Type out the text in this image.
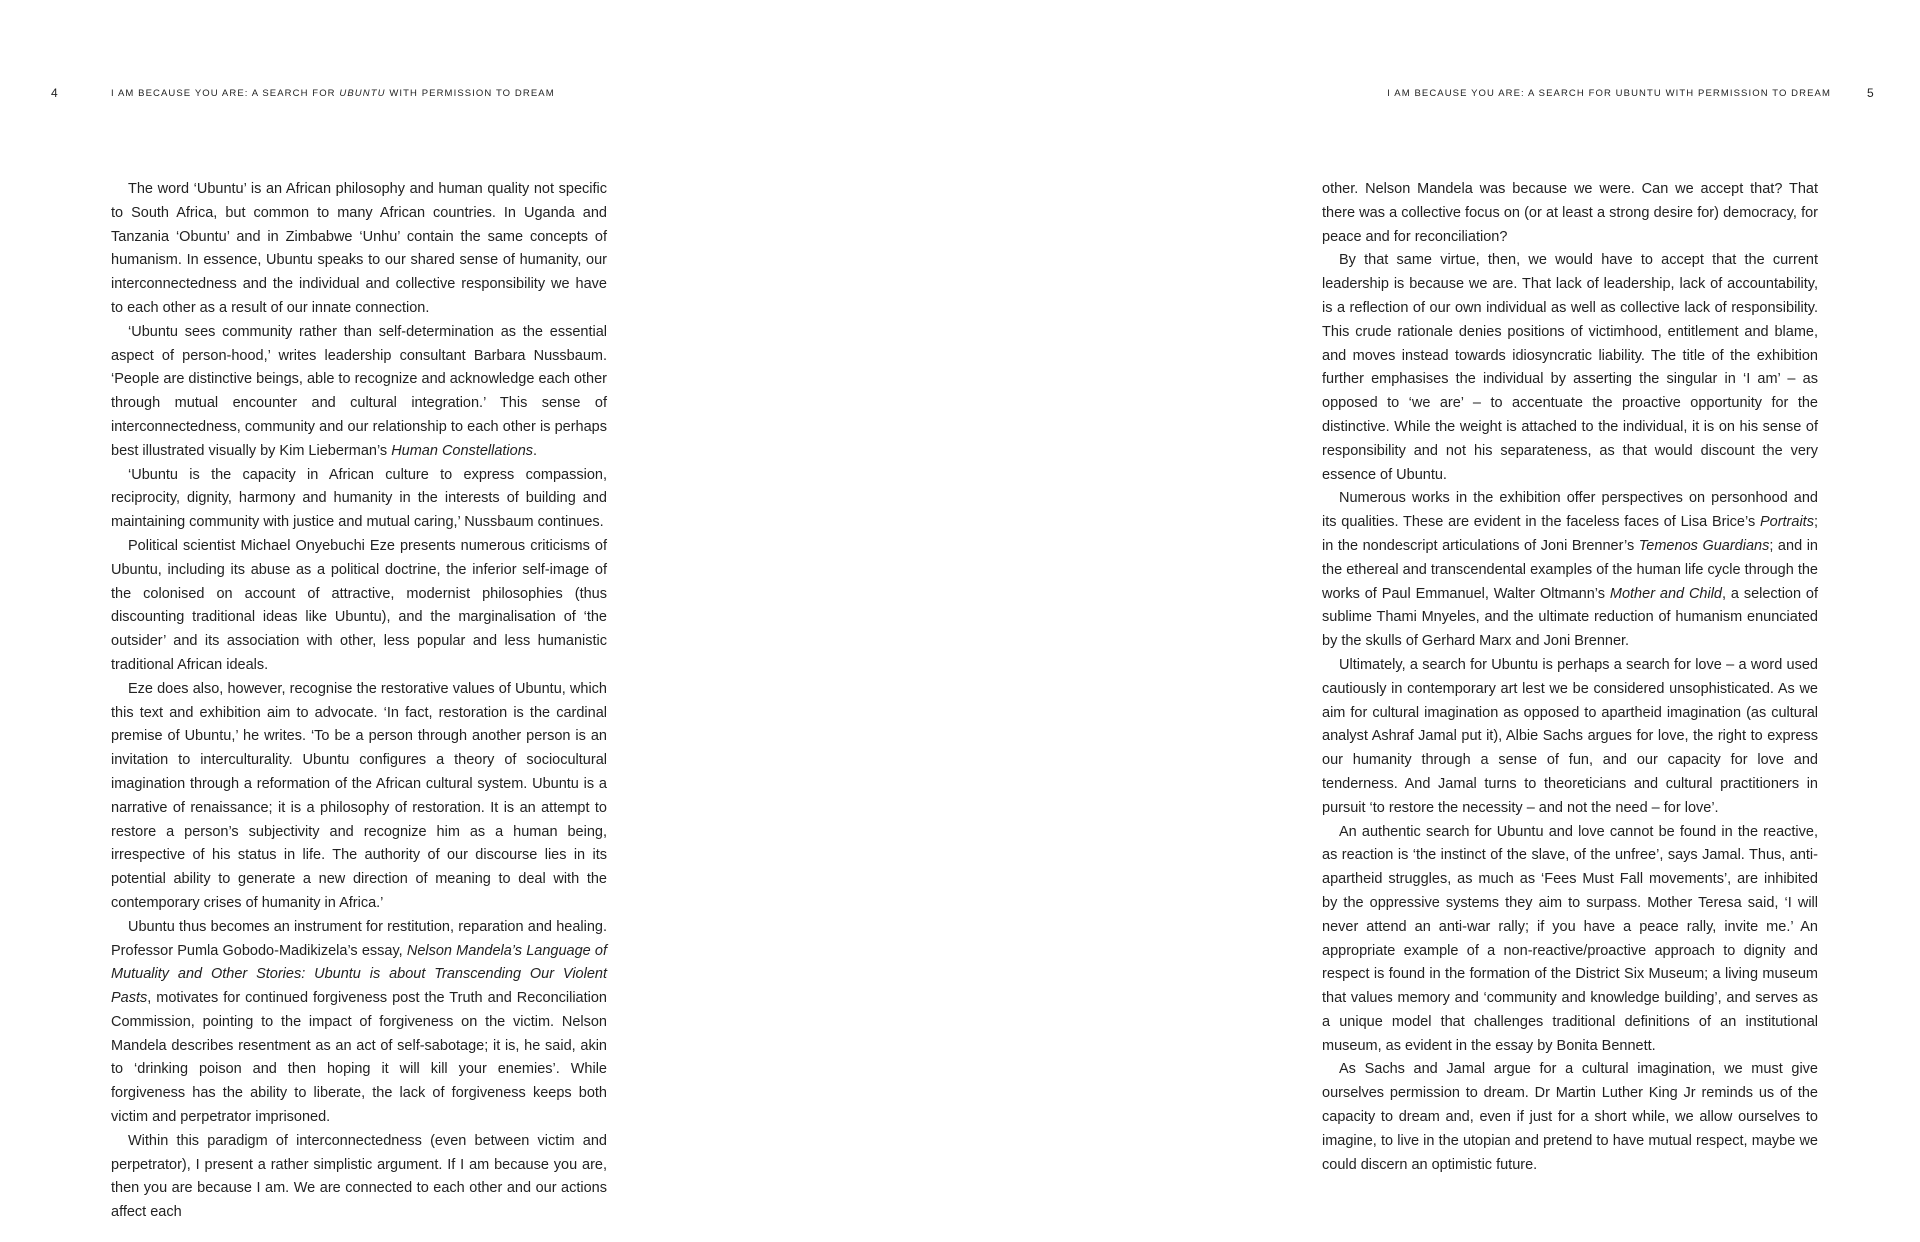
4	I AM BECAUSE YOU ARE: A SEARCH FOR UBUNTU WITH PERMISSION TO DREAM

The word ‘Ubuntu’ is an African philosophy and human quality not specific to South Africa, but common to many African countries. In Uganda and Tanzania ‘Obuntu’ and in Zimbabwe ‘Unhu’ contain the same concepts of humanism. In essence, Ubuntu speaks to our shared sense of humanity, our interconnectedness and the individual and collective responsibility we have to each other as a result of our innate connection.

‘Ubuntu sees community rather than self-determination as the essential aspect of person-hood,’ writes leadership consultant Barbara Nussbaum. ‘People are distinctive beings, able to recognize and acknowledge each other through mutual encounter and cultural integration.’ This sense of interconnectedness, community and our relationship to each other is perhaps best illustrated visually by Kim Lieberman’s Human Constellations.

‘Ubuntu is the capacity in African culture to express compassion, reciprocity, dignity, harmony and humanity in the interests of building and maintaining community with justice and mutual caring,’ Nussbaum continues.

Political scientist Michael Onyebuchi Eze presents numerous criticisms of Ubuntu, including its abuse as a political doctrine, the inferior self-image of the colonised on account of attractive, modernist philosophies (thus discounting traditional ideas like Ubuntu), and the marginalisation of ‘the outsider’ and its association with other, less popular and less humanistic traditional African ideals.

Eze does also, however, recognise the restorative values of Ubuntu, which this text and exhibition aim to advocate. ‘In fact, restoration is the cardinal premise of Ubuntu,’ he writes. ‘To be a person through another person is an invitation to interculturality. Ubuntu configures a theory of sociocultural imagination through a reformation of the African cultural system. Ubuntu is a narrative of renaissance; it is a philosophy of restoration. It is an attempt to restore a person’s subjectivity and recognize him as a human being, irrespective of his status in life. The authority of our discourse lies in its potential ability to generate a new direction of meaning to deal with the contemporary crises of humanity in Africa.’

Ubuntu thus becomes an instrument for restitution, reparation and healing. Professor Pumla Gobodo-Madikizela’s essay, Nelson Mandela’s Language of Mutuality and Other Stories: Ubuntu is about Transcending Our Violent Pasts, motivates for continued forgiveness post the Truth and Reconciliation Commission, pointing to the impact of forgiveness on the victim. Nelson Mandela describes resentment as an act of self-sabotage; it is, he said, akin to ‘drinking poison and then hoping it will kill your enemies’. While forgiveness has the ability to liberate, the lack of forgiveness keeps both victim and perpetrator imprisoned.

Within this paradigm of interconnectedness (even between victim and perpetrator), I present a rather simplistic argument. If I am because you are, then you are because I am. We are connected to each other and our actions affect each

I AM BECAUSE YOU ARE: A SEARCH FOR UBUNTU WITH PERMISSION TO DREAM	5

other. Nelson Mandela was because we were. Can we accept that? That there was a collective focus on (or at least a strong desire for) democracy, for peace and for reconciliation?

By that same virtue, then, we would have to accept that the current leadership is because we are. That lack of leadership, lack of accountability, is a reflection of our own individual as well as collective lack of responsibility. This crude rationale denies positions of victimhood, entitlement and blame, and moves instead towards idiosyncratic liability. The title of the exhibition further emphasises the individual by asserting the singular in ‘I am’ – as opposed to ‘we are’ – to accentuate the proactive opportunity for the distinctive. While the weight is attached to the individual, it is on his sense of responsibility and not his separateness, as that would discount the very essence of Ubuntu.

Numerous works in the exhibition offer perspectives on personhood and its qualities. These are evident in the faceless faces of Lisa Brice’s Portraits; in the nondescript articulations of Joni Brenner’s Temenos Guardians; and in the ethereal and transcendental examples of the human life cycle through the works of Paul Emmanuel, Walter Oltmann’s Mother and Child, a selection of sublime Thami Mnyeles, and the ultimate reduction of humanism enunciated by the skulls of Gerhard Marx and Joni Brenner.

Ultimately, a search for Ubuntu is perhaps a search for love – a word used cautiously in contemporary art lest we be considered unsophisticated. As we aim for cultural imagination as opposed to apartheid imagination (as cultural analyst Ashraf Jamal put it), Albie Sachs argues for love, the right to express our humanity through a sense of fun, and our capacity for love and tenderness. And Jamal turns to theoreticians and cultural practitioners in pursuit ‘to restore the necessity – and not the need – for love’.

An authentic search for Ubuntu and love cannot be found in the reactive, as reaction is ‘the instinct of the slave, of the unfree’, says Jamal. Thus, anti-apartheid struggles, as much as ‘Fees Must Fall movements’, are inhibited by the oppressive systems they aim to surpass. Mother Teresa said, ‘I will never attend an anti-war rally; if you have a peace rally, invite me.’ An appropriate example of a non-reactive/proactive approach to dignity and respect is found in the formation of the District Six Museum; a living museum that values memory and ‘community and knowledge building’, and serves as a unique model that challenges traditional definitions of an institutional museum, as evident in the essay by Bonita Bennett.

As Sachs and Jamal argue for a cultural imagination, we must give ourselves permission to dream. Dr Martin Luther King Jr reminds us of the capacity to dream and, even if just for a short while, we allow ourselves to imagine, to live in the utopian and pretend to have mutual respect, maybe we could discern an optimistic future.
